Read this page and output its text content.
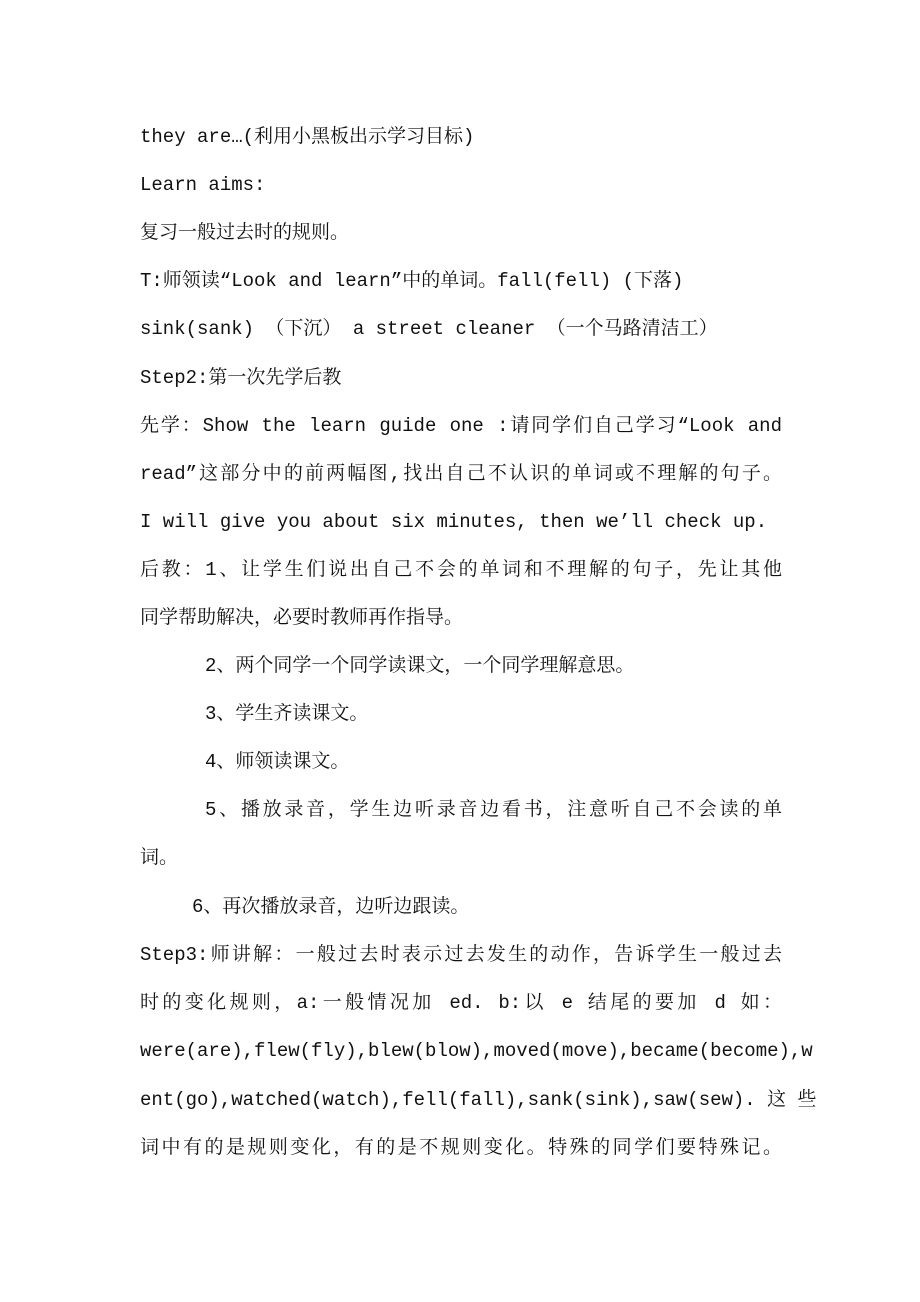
they are…(利用小黑板出示学习目标)
Learn aims:
复习一般过去时的规则。
T:师领读“Look and learn”中的单词。fall(fell) (下落)
sink(sank) （下沉） a street cleaner （一个马路清洁工）
Step2:第一次先学后教
先学：Show the learn guide one :请同学们自己学习“Look and
read”这部分中的前两幅图,找出自己不认识的单词或不理解的句子。
I will give you about six minutes, then we’ll check up.
后教：1、让学生们说出自己不会的单词和不理解的句子，先让其他
同学帮助解决，必要时教师再作指导。
2、两个同学一个同学读课文，一个同学理解意思。
3、学生齐读课文。
4、师领读课文。
5、播放录音，学生边听录音边看书，注意听自己不会读的单
词。
6、再次播放录音，边听边跟读。
Step3:师讲解：一般过去时表示过去发生的动作，告诉学生一般过去
时的变化规则，a:一般情况加 ed. b:以 e 结尾的要加 d 如：
were(are),flew(fly),blew(blow),moved(move),became(become),w
ent(go),watched(watch),fell(fall),sank(sink),saw(sew). 这 些
词中有的是规则变化，有的是不规则变化。特殊的同学们要特殊记。
